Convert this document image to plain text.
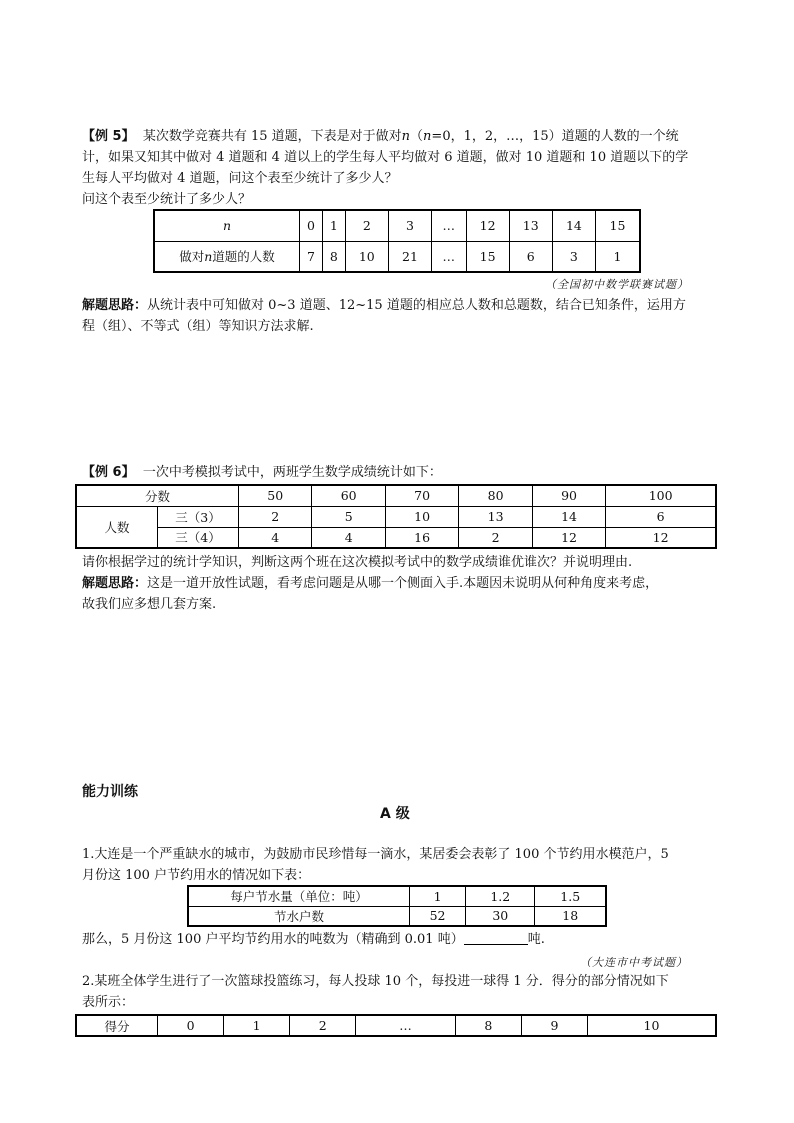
【例 5】 某次数学竞赛共有 15 道题，下表是对于做对n（n=0，1，2，…，15）道题的人数的一个统

计，如果又知其中做对 4 道题和 4 道以上的学生每人平均做对 6 道题，做对 10 道题和 10 道题以下的学

生每人平均做对 4 道题，问这个表至少统计了多少人？

问这个表至少统计了多少人？

n	0	1	2	3	…	12	13	14	15
做对n道题的人数	7	8	10	21	…	15	6	3	1
（全国初中数学联赛试题）

解题思路：从统计表中可知做对 0~3 道题、12~15 道题的相应总人数和总题数，结合已知条件，运用方

程（组）、不等式（组）等知识方法求解.

【例 6】 一次中考模拟考试中，两班学生数学成绩统计如下：

分数		50	60	70	80	90	100
人数	三（3）	2	5	10	13	14	6
	三（4）	4	4	16	2	12	12

请你根据学过的统计学知识，判断这两个班在这次模拟考试中的数学成绩谁优谁次？并说明理由.

解题思路：这是一道开放性试题，看考虑问题是从哪一个侧面入手.本题因未说明从何种角度来考虑，

故我们应多想几套方案.

能力训练
A 级

1.大连是一个严重缺水的城市，为鼓励市民珍惜每一滴水，某居委会表彰了 100 个节约用水模范户，5

月份这 100 户节约用水的情况如下表：

每户节水量（单位：吨）	1	1.2	1.5
节水户数	52	30	18

那么，5 月份这 100 户平均节约用水的吨数为（精确到 0.01 吨）	吨.

（大连市中考试题）

2.某班全体学生进行了一次篮球投篮练习，每人投球 10 个，每投进一球得 1 分．得分的部分情况如下

表所示：

得分	0	1	2	…	8	9	10
